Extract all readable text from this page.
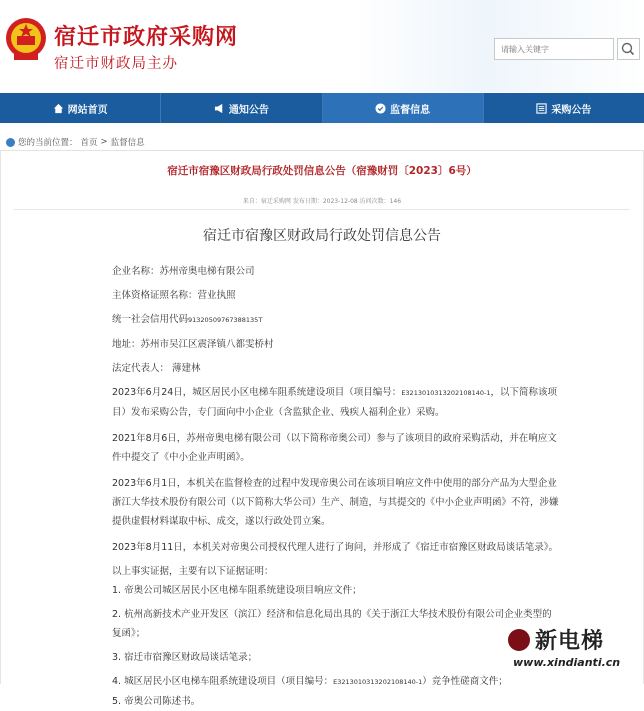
宿迁市政府采购网
宿迁市财政局主办
请输入关键字
网站首页	通知公告	监督信息	采购公告
您的当前位置： 首页 > 监督信息
宿迁市宿豫区财政局行政处罚信息公告（宿豫财罚〔2023〕6号）
来自：宿迁采购网 发布日期：2023-12-08 访问次数：146
宿迁市宿豫区财政局行政处罚信息公告

企业名称：苏州帝奥电梯有限公司

主体资格证照名称：营业执照

统一社会信用代码91320509767388135T

地址：苏州市吴江区震泽镇八都雯桥村

法定代表人： 薄建林

2023年6月24日，城区居民小区电梯车阻系统建设项目（项目编号：E3213010313202108140-1，以下简称该项目）发布采购公告，专门面向中小企业（含监狱企业、残疾人福利企业）采购。

2021年8月6日，苏州帝奥电梯有限公司（以下简称帝奥公司）参与了该项目的政府采购活动，并在响应文件中提交了《中小企业声明函》。

2023年6月1日，本机关在监督检查的过程中发现帝奥公司在该项目响应文件中使用的部分产品为大型企业浙江大华技术股份有限公司（以下简称大华公司）生产、制造，与其提交的《中小企业声明函》不符，涉嫌提供虚假材料谋取中标、成交，遂以行政处罚立案。

2023年8月11日，本机关对帝奥公司授权代理人进行了询问，并形成了《宿迁市宿豫区财政局谈话笔录》。

以上事实证据，主要有以下证据证明：

1. 帝奥公司城区居民小区电梯车阻系统建设项目响应文件；

2. 杭州高新技术产业开发区（滨江）经济和信息化局出具的《关于浙江大华技术股份有限公司企业类型的复函》；

3. 宿迁市宿豫区财政局谈话笔录；

4. 城区居民小区电梯车阻系统建设项目（项目编号：E3213010313202108140-1）竞争性磋商文件；

5. 帝奥公司陈述书。

新电梯
www.xindianti.cn
